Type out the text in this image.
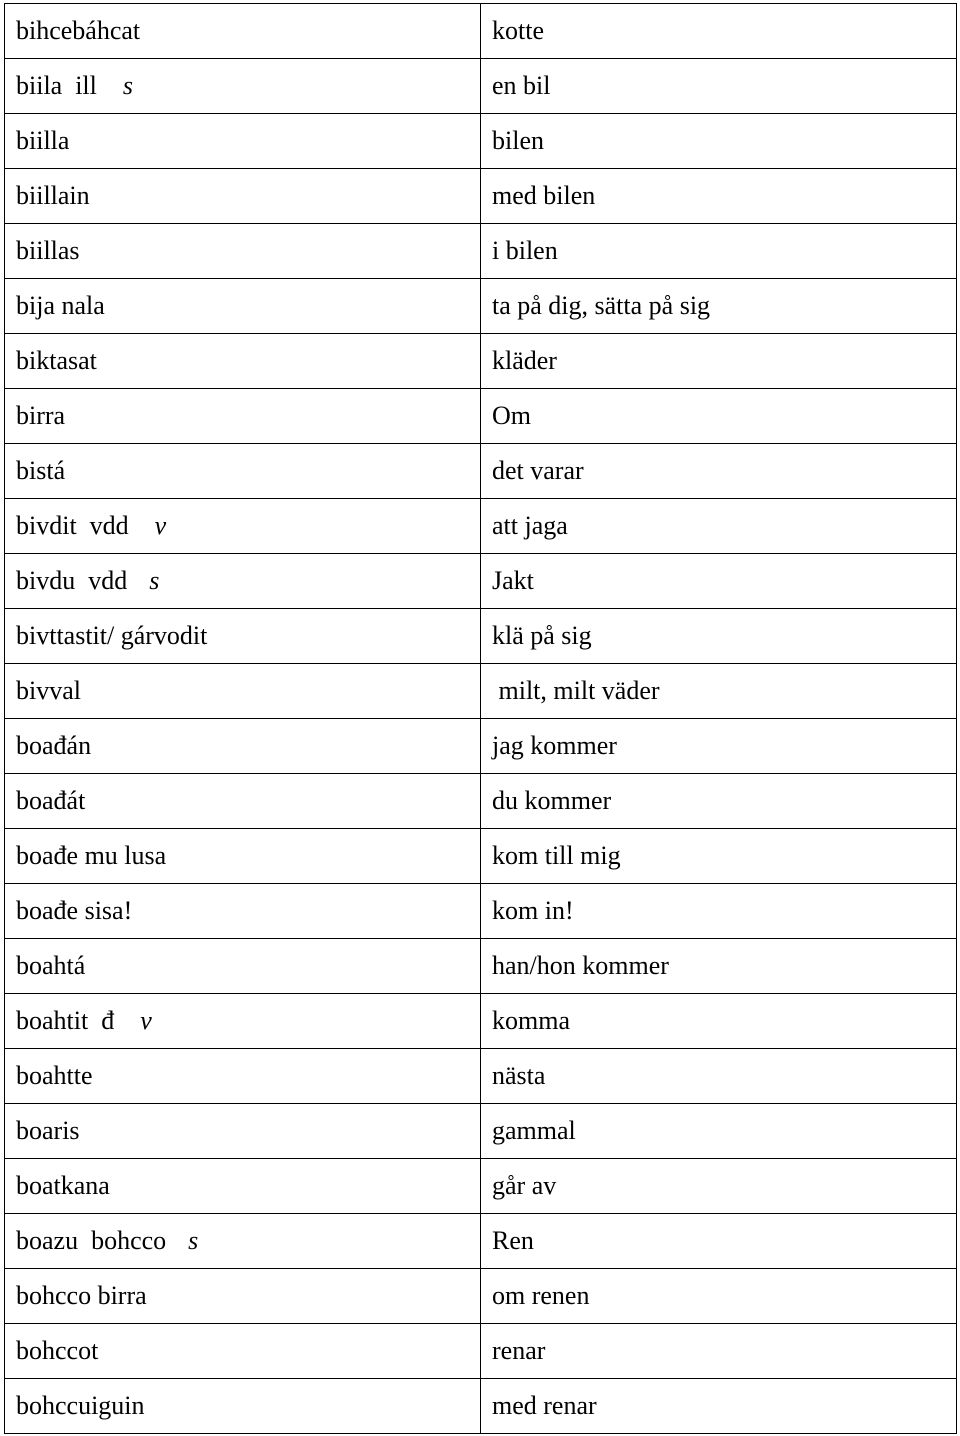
bihcebáhcat	kotte
biila  ill s	en bil
biilla	bilen
biillain	med bilen
biillas	i bilen
bija nala	ta på dig, sätta på sig
biktasat	kläder
birra	Om
bistá	det varar
bivdit  vdd v	att jaga
bivdu  vdd s	Jakt
bivttastit/ gárvodit	klä på sig
bivval	milt, milt väder
boađán	jag kommer
boađát	du kommer
boađe mu lusa	kom till mig
boađe sisa!	kom in!
boahtá	han/hon kommer
boahtit  đ v	komma
boahtte	nästa
boaris	gammal
boatkana	går av
boazu  bohcco s	Ren
bohcco birra	om renen
bohccot	renar
bohccuiguin	med renar
